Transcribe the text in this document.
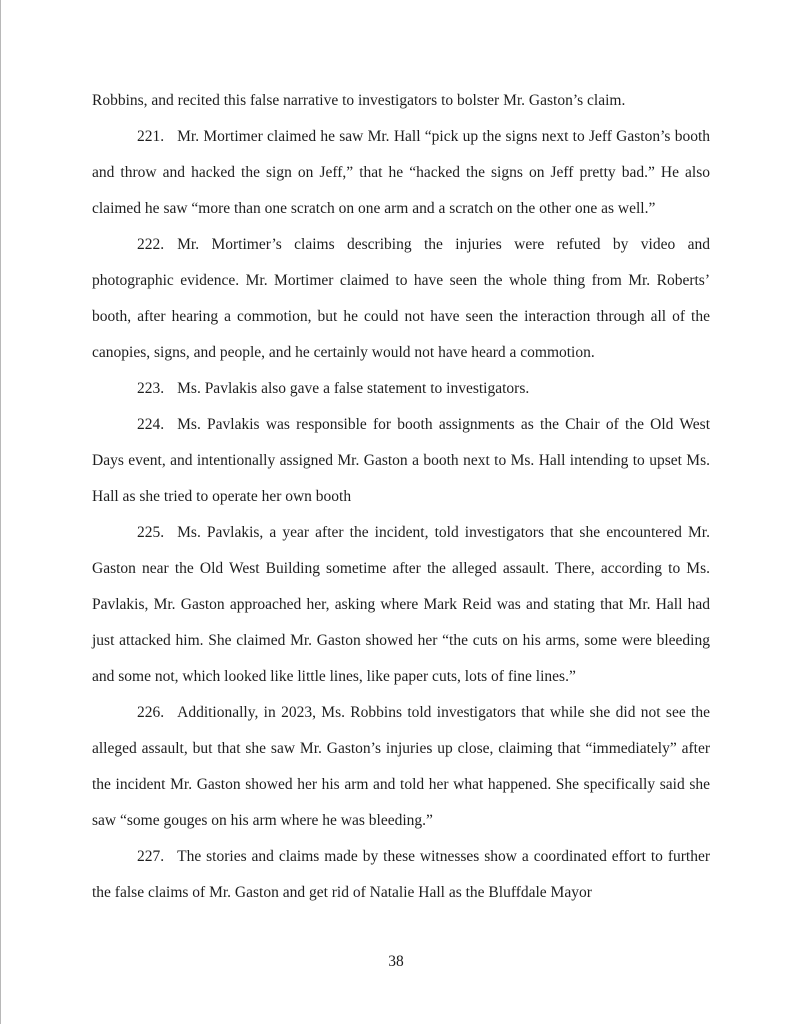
Robbins, and recited this false narrative to investigators to bolster Mr. Gaston’s claim.

221. Mr. Mortimer claimed he saw Mr. Hall “pick up the signs next to Jeff Gaston’s booth and throw and hacked the sign on Jeff,” that he “hacked the signs on Jeff pretty bad.” He also claimed he saw “more than one scratch on one arm and a scratch on the other one as well.”

222. Mr. Mortimer’s claims describing the injuries were refuted by video and photographic evidence. Mr. Mortimer claimed to have seen the whole thing from Mr. Roberts’ booth, after hearing a commotion, but he could not have seen the interaction through all of the canopies, signs, and people, and he certainly would not have heard a commotion.

223. Ms. Pavlakis also gave a false statement to investigators.

224. Ms. Pavlakis was responsible for booth assignments as the Chair of the Old West Days event, and intentionally assigned Mr. Gaston a booth next to Ms. Hall intending to upset Ms. Hall as she tried to operate her own booth

225. Ms. Pavlakis, a year after the incident, told investigators that she encountered Mr. Gaston near the Old West Building sometime after the alleged assault. There, according to Ms. Pavlakis, Mr. Gaston approached her, asking where Mark Reid was and stating that Mr. Hall had just attacked him. She claimed Mr. Gaston showed her “the cuts on his arms, some were bleeding and some not, which looked like little lines, like paper cuts, lots of fine lines.”

226. Additionally, in 2023, Ms. Robbins told investigators that while she did not see the alleged assault, but that she saw Mr. Gaston’s injuries up close, claiming that “immediately” after the incident Mr. Gaston showed her his arm and told her what happened. She specifically said she saw “some gouges on his arm where he was bleeding.”

227. The stories and claims made by these witnesses show a coordinated effort to further the false claims of Mr. Gaston and get rid of Natalie Hall as the Bluffdale Mayor

38
